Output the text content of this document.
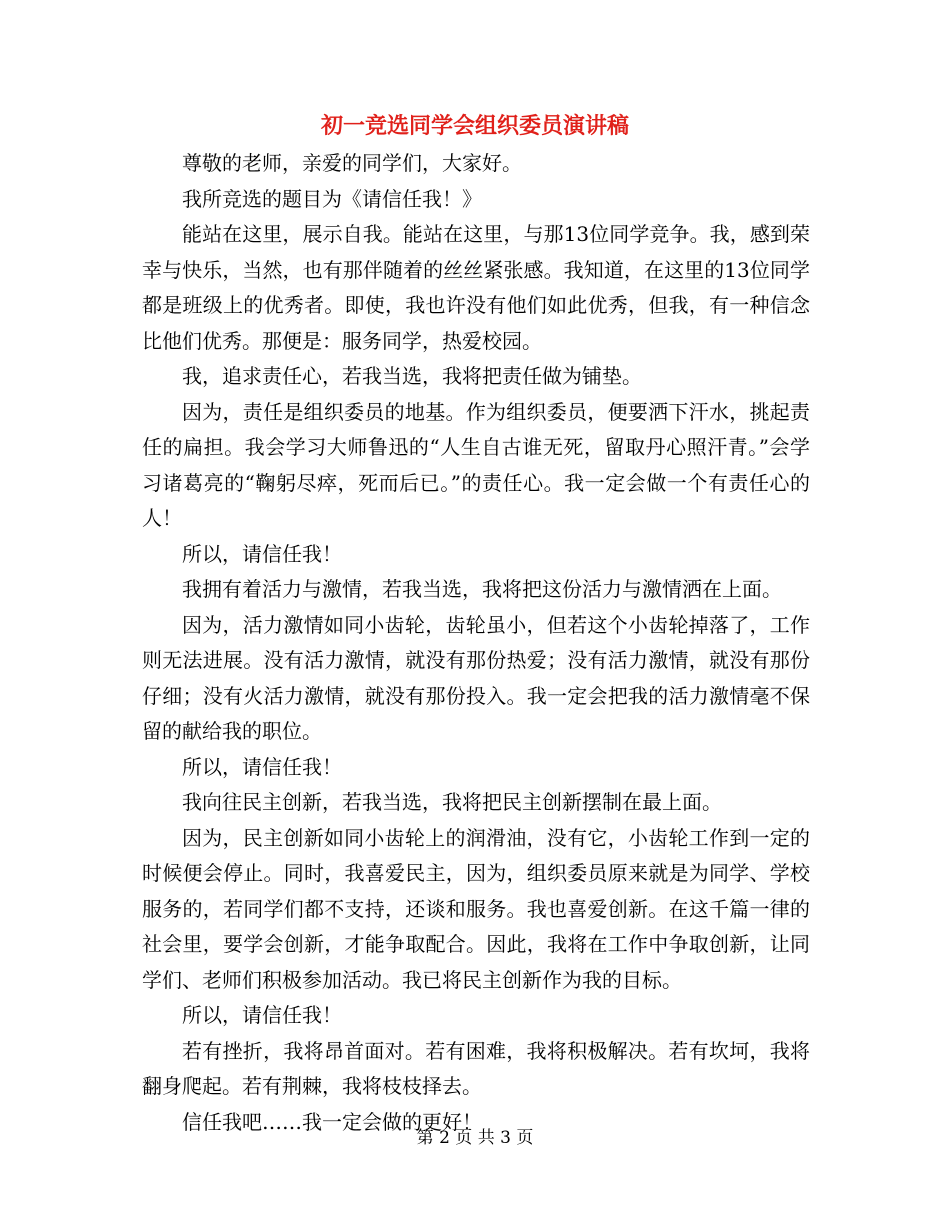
初一竞选同学会组织委员演讲稿

尊敬的老师，亲爱的同学们，大家好。

我所竞选的题目为《请信任我！》

能站在这里，展示自我。能站在这里，与那13位同学竞争。我，感到荣幸与快乐，当然，也有那伴随着的丝丝紧张感。我知道，在这里的13位同学都是班级上的优秀者。即使，我也许没有他们如此优秀，但我，有一种信念比他们优秀。那便是：服务同学，热爱校园。

我，追求责任心，若我当选，我将把责任做为铺垫。

因为，责任是组织委员的地基。作为组织委员，便要洒下汗水，挑起责任的扁担。我会学习大师鲁迅的“人生自古谁无死，留取丹心照汗青。”会学习诸葛亮的“鞠躬尽瘁，死而后已。”的责任心。我一定会做一个有责任心的人！

所以，请信任我！

我拥有着活力与激情，若我当选，我将把这份活力与激情洒在上面。

因为，活力激情如同小齿轮，齿轮虽小，但若这个小齿轮掉落了，工作则无法进展。没有活力激情，就没有那份热爱；没有活力激情，就没有那份仔细；没有火活力激情，就没有那份投入。我一定会把我的活力激情毫不保留的献给我的职位。

所以，请信任我！

我向往民主创新，若我当选，我将把民主创新摆制在最上面。

因为，民主创新如同小齿轮上的润滑油，没有它，小齿轮工作到一定的时候便会停止。同时，我喜爱民主，因为，组织委员原来就是为同学、学校服务的，若同学们都不支持，还谈和服务。我也喜爱创新。在这千篇一律的社会里，要学会创新，才能争取配合。因此，我将在工作中争取创新，让同学们、老师们积极参加活动。我已将民主创新作为我的目标。

所以，请信任我！

若有挫折，我将昂首面对。若有困难，我将积极解决。若有坎坷，我将翻身爬起。若有荆棘，我将枝枝择去。

信任我吧……我一定会做的更好！

第 2 页 共 3 页
